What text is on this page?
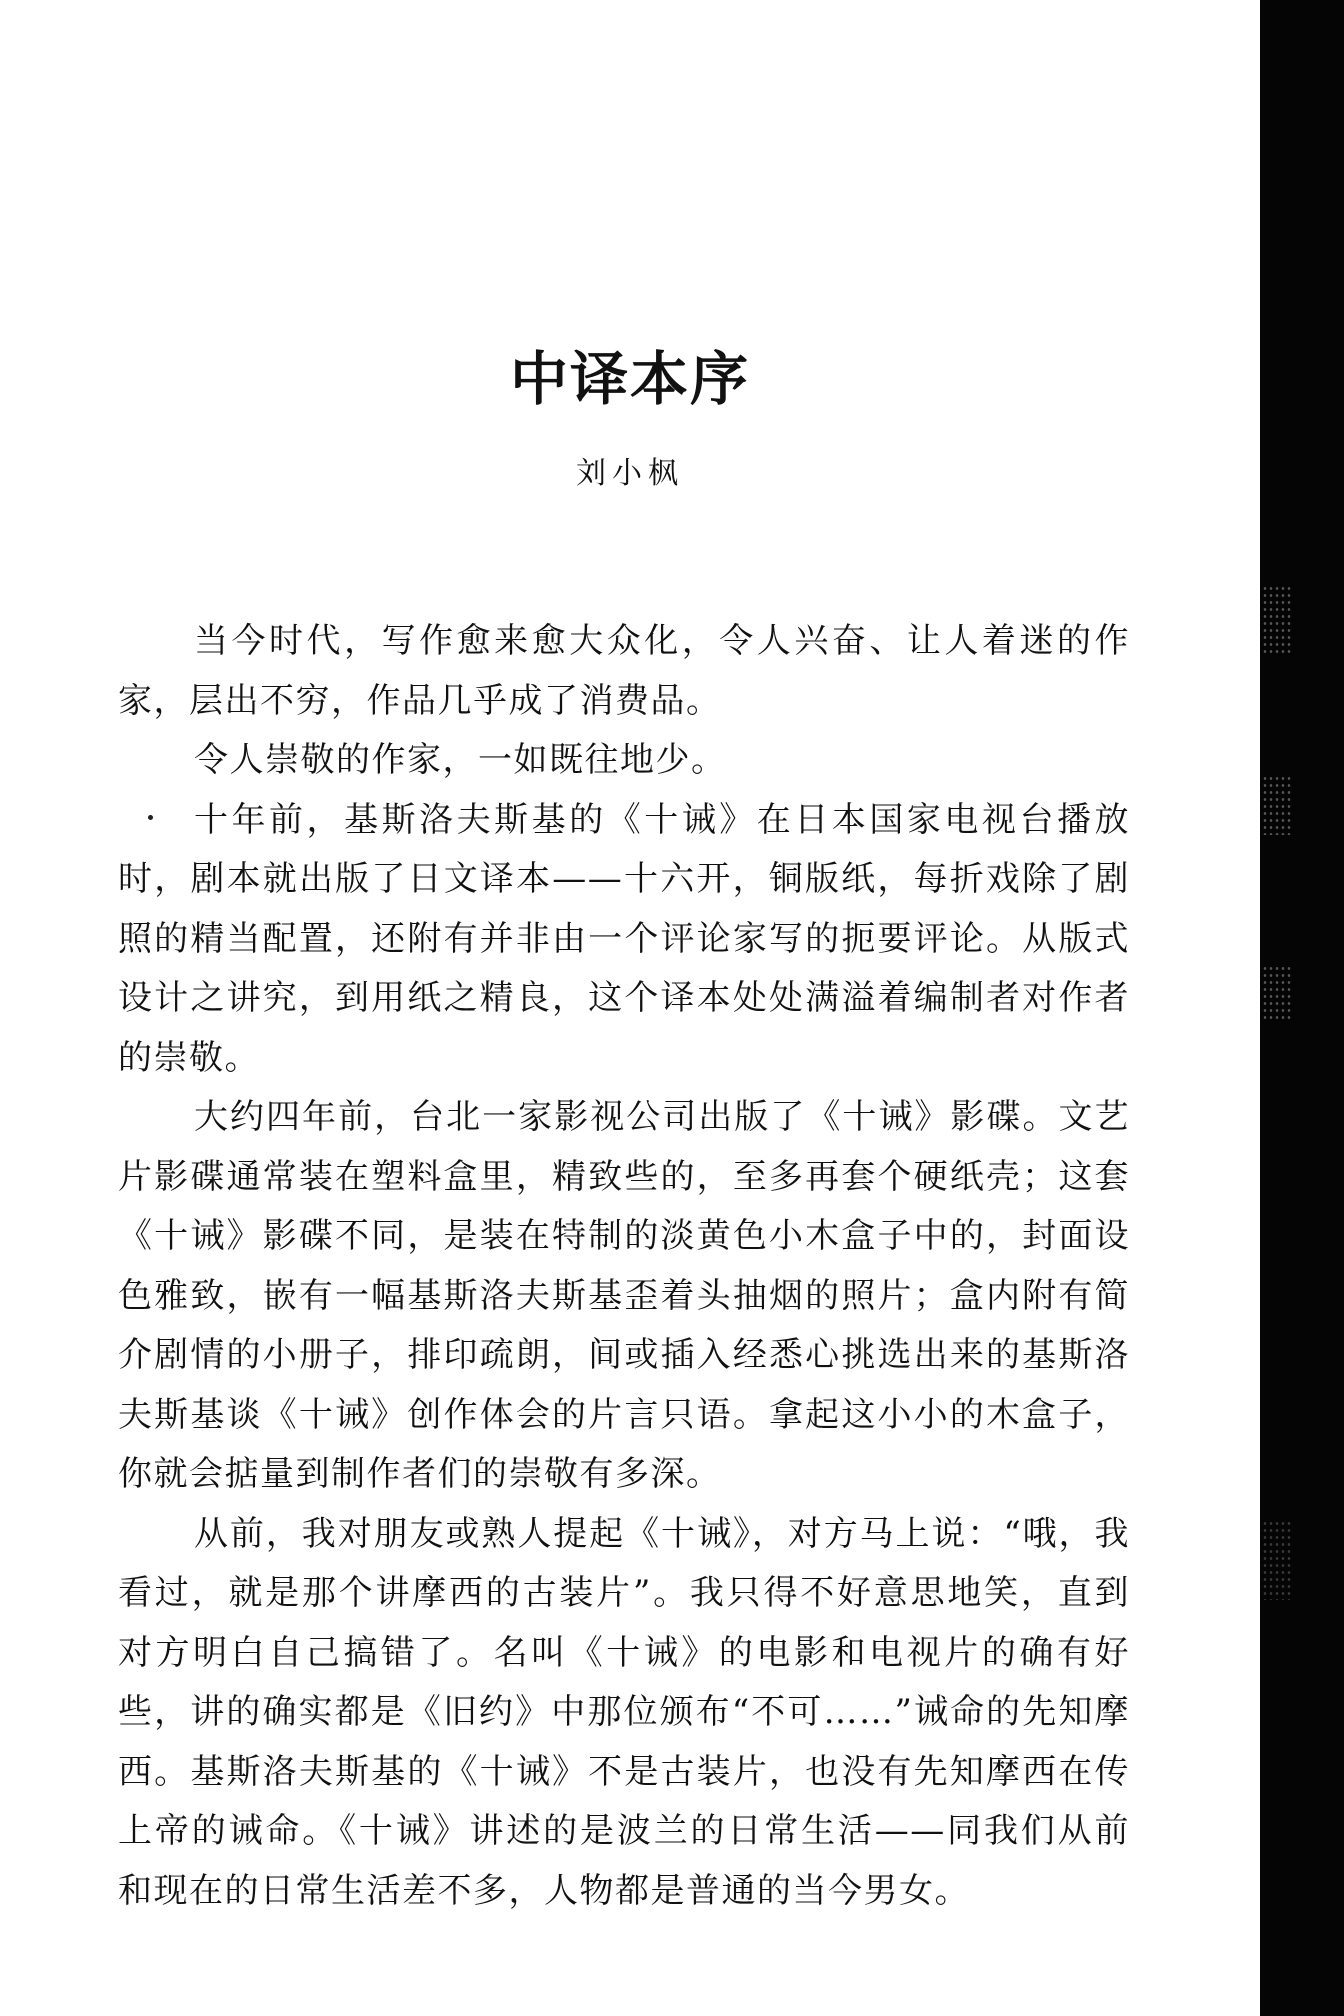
中译本序
刘小枫

当今时代，写作愈来愈大众化，令人兴奋、让人着迷的作家，层出不穷，作品几乎成了消费品。

令人崇敬的作家，一如既往地少。

十年前，基斯洛夫斯基的《十诫》在日本国家电视台播放时，剧本就出版了日文译本——十六开，铜版纸，每折戏除了剧照的精当配置，还附有并非由一个评论家写的扼要评论。从版式设计之讲究，到用纸之精良，这个译本处处满溢着编制者对作者的崇敬。

大约四年前，台北一家影视公司出版了《十诫》影碟。文艺片影碟通常装在塑料盒里，精致些的，至多再套个硬纸壳；这套《十诫》影碟不同，是装在特制的淡黄色小木盒子中的，封面设色雅致，嵌有一幅基斯洛夫斯基歪着头抽烟的照片；盒内附有简介剧情的小册子，排印疏朗，间或插入经悉心挑选出来的基斯洛夫斯基谈《十诫》创作体会的片言只语。拿起这小小的木盒子，你就会掂量到制作者们的崇敬有多深。

从前，我对朋友或熟人提起《十诫》，对方马上说：“哦，我看过，就是那个讲摩西的古装片”。我只得不好意思地笑，直到对方明白自己搞错了。名叫《十诫》的电影和电视片的确有好些，讲的确实都是《旧约》中那位颁布“不可……”诫命的先知摩西。基斯洛夫斯基的《十诫》不是古装片，也没有先知摩西在传上帝的诫命。《十诫》讲述的是波兰的日常生活——同我们从前和现在的日常生活差不多，人物都是普通的当今男女。
